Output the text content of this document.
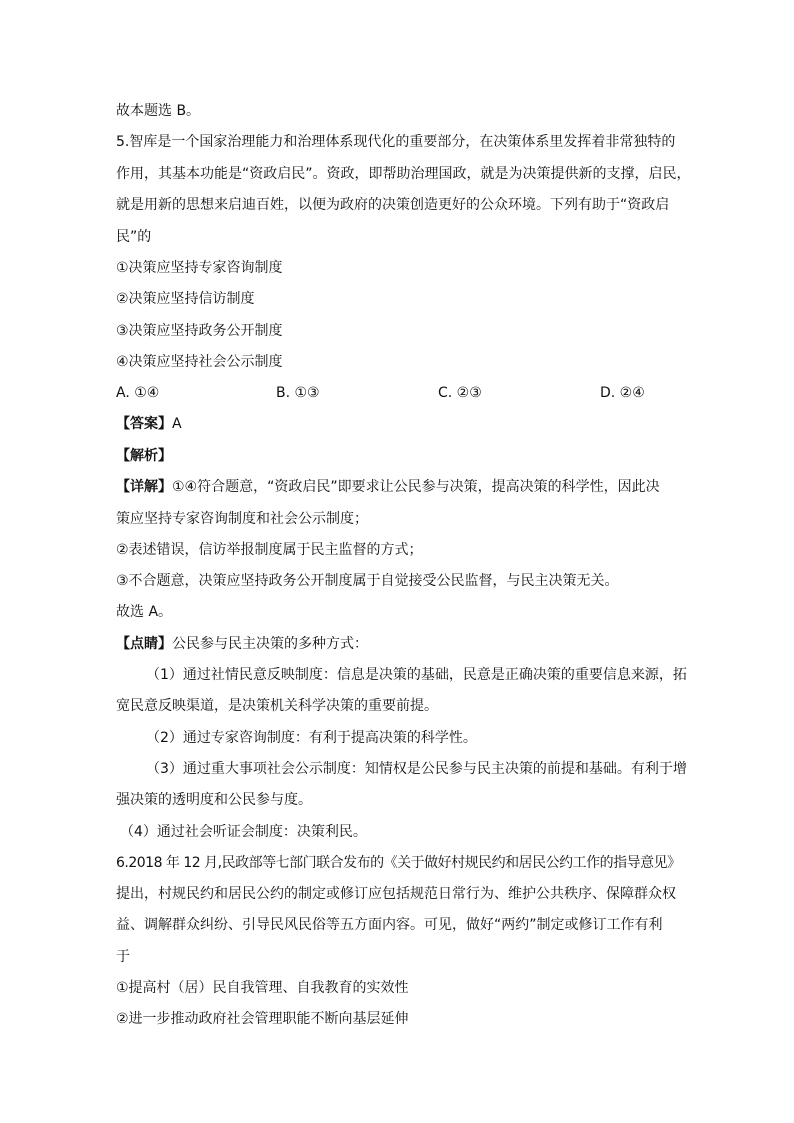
故本题选 B。
5.智库是一个国家治理能力和治理体系现代化的重要部分，在决策体系里发挥着非常独特的
作用，其基本功能是“资政启民”。资政，即帮助治理国政，就是为决策提供新的支撑，启民，
就是用新的思想来启迪百姓，以便为政府的决策创造更好的公众环境。下列有助于“资政启
民”的
①决策应坚持专家咨询制度
②决策应坚持信访制度
③决策应坚持政务公开制度
④决策应坚持社会公示制度
A. ①④	B. ①③	C. ②③	D. ②④
【答案】A
【解析】
【详解】①④符合题意，“资政启民”即要求让公民参与决策，提高决策的科学性，因此决
策应坚持专家咨询制度和社会公示制度；
②表述错误，信访举报制度属于民主监督的方式；
③不合题意，决策应坚持政务公开制度属于自觉接受公民监督，与民主决策无关。
故选 A。
【点睛】公民参与民主决策的多种方式：
（1）通过社情民意反映制度：信息是决策的基础，民意是正确决策的重要信息来源，拓
宽民意反映渠道，是决策机关科学决策的重要前提。
（2）通过专家咨询制度：有利于提高决策的科学性。
（3）通过重大事项社会公示制度：知情权是公民参与民主决策的前提和基础。有利于增
强决策的透明度和公民参与度。
（4）通过社会听证会制度：决策利民。
6.2018 年 12 月,民政部等七部门联合发布的《关于做好村规民约和居民公约工作的指导意见》
提出，村规民约和居民公约的制定或修订应包括规范日常行为、维护公共秩序、保障群众权
益、调解群众纠纷、引导民风民俗等五方面内容。可见，做好“两约”制定或修订工作有利
于
①提高村（居）民自我管理、自我教育的实效性
②进一步推动政府社会管理职能不断向基层延伸
